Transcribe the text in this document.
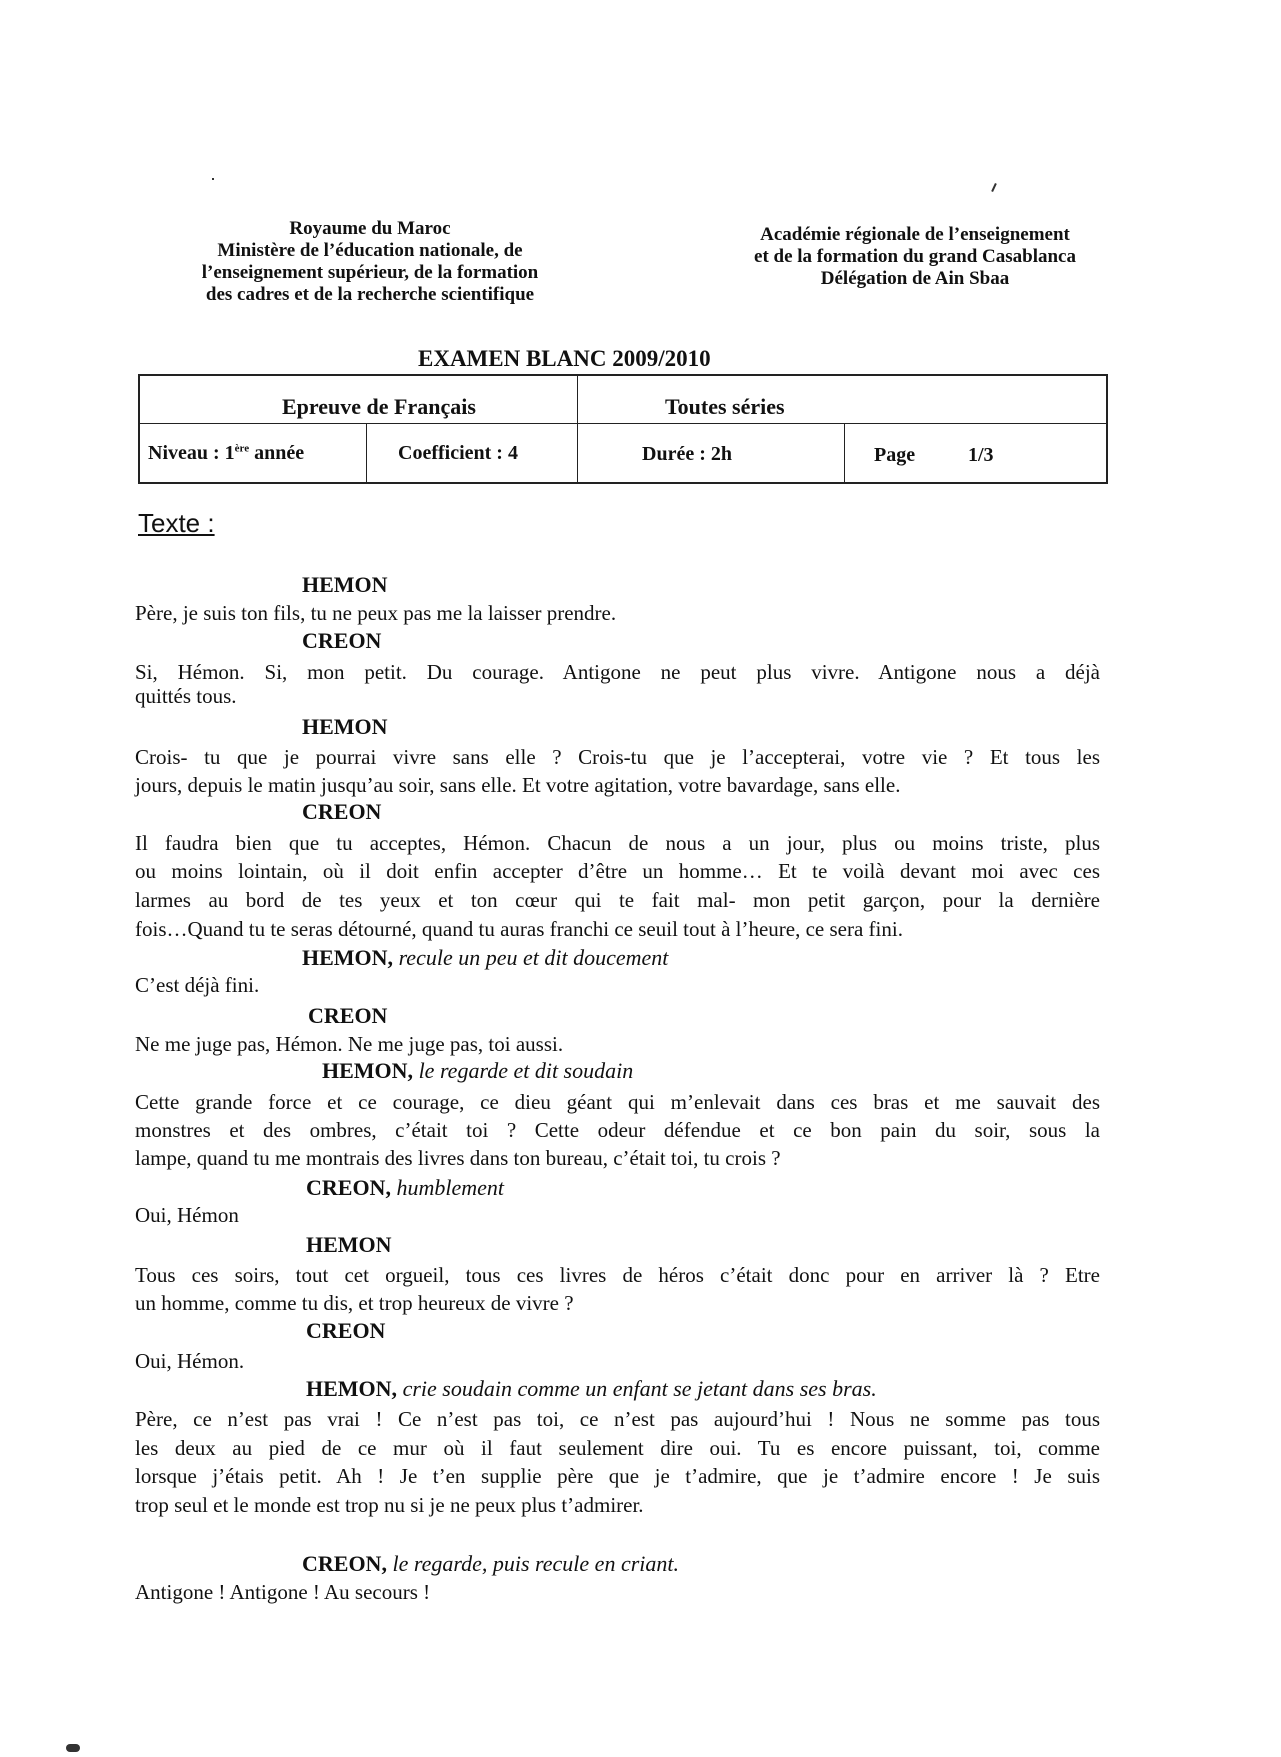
Royaume du Maroc
Ministère de l’éducation nationale, de
l’enseignement supérieur, de la formation
des cadres et de la recherche scientifique
Académie régionale de l’enseignement
et de la formation du grand Casablanca
Délégation de Ain Sbaa
EXAMEN BLANC 2009/2010
Epreuve de Français	Toutes séries
Niveau : 1ère année	Coefficient : 4	Durée : 2h	Page	1/3
Texte :
HEMON
Père, je suis ton fils, tu ne peux pas me la laisser prendre.
CREON
Si, Hémon. Si, mon petit. Du courage. Antigone ne peut plus vivre. Antigone nous a déjà
quittés tous.
HEMON
Crois- tu que je pourrai vivre sans elle ? Crois-tu que je l’accepterai, votre vie ? Et tous les
jours, depuis le matin jusqu’au soir, sans elle. Et votre agitation, votre bavardage, sans elle.
CREON
Il faudra bien que tu acceptes, Hémon. Chacun de nous a un jour, plus ou moins triste, plus
ou moins lointain, où il doit enfin accepter d’être un homme… Et te voilà devant moi avec ces
larmes au bord de tes yeux et ton cœur qui te fait mal- mon petit garçon, pour la dernière
fois…Quand tu te seras détourné, quand tu auras franchi ce seuil tout à l’heure, ce sera fini.
HEMON, recule un peu et dit doucement
C’est déjà fini.
CREON
Ne me juge pas, Hémon. Ne me juge pas, toi aussi.
HEMON, le regarde et dit soudain
Cette grande force et ce courage, ce dieu géant qui m’enlevait dans ces bras et me sauvait des
monstres et des ombres, c’était toi ? Cette odeur défendue et ce bon pain du soir, sous la
lampe, quand tu me montrais des livres dans ton bureau, c’était toi, tu crois ?
CREON, humblement
Oui, Hémon
HEMON
Tous ces soirs, tout cet orgueil, tous ces livres de héros c’était donc pour en arriver là ? Etre
un homme, comme tu dis, et trop heureux de vivre ?
CREON
Oui, Hémon.
HEMON, crie soudain comme un enfant se jetant dans ses bras.
Père, ce n’est pas vrai ! Ce n’est pas toi, ce n’est pas aujourd’hui ! Nous ne somme pas tous
les deux au pied de ce mur où il faut seulement dire oui. Tu es encore puissant, toi, comme
lorsque j’étais petit. Ah ! Je t’en supplie père que je t’admire, que je t’admire encore ! Je suis
trop seul et le monde est trop nu si je ne peux plus t’admirer.
CREON, le regarde, puis recule en criant.
Antigone ! Antigone ! Au secours !
